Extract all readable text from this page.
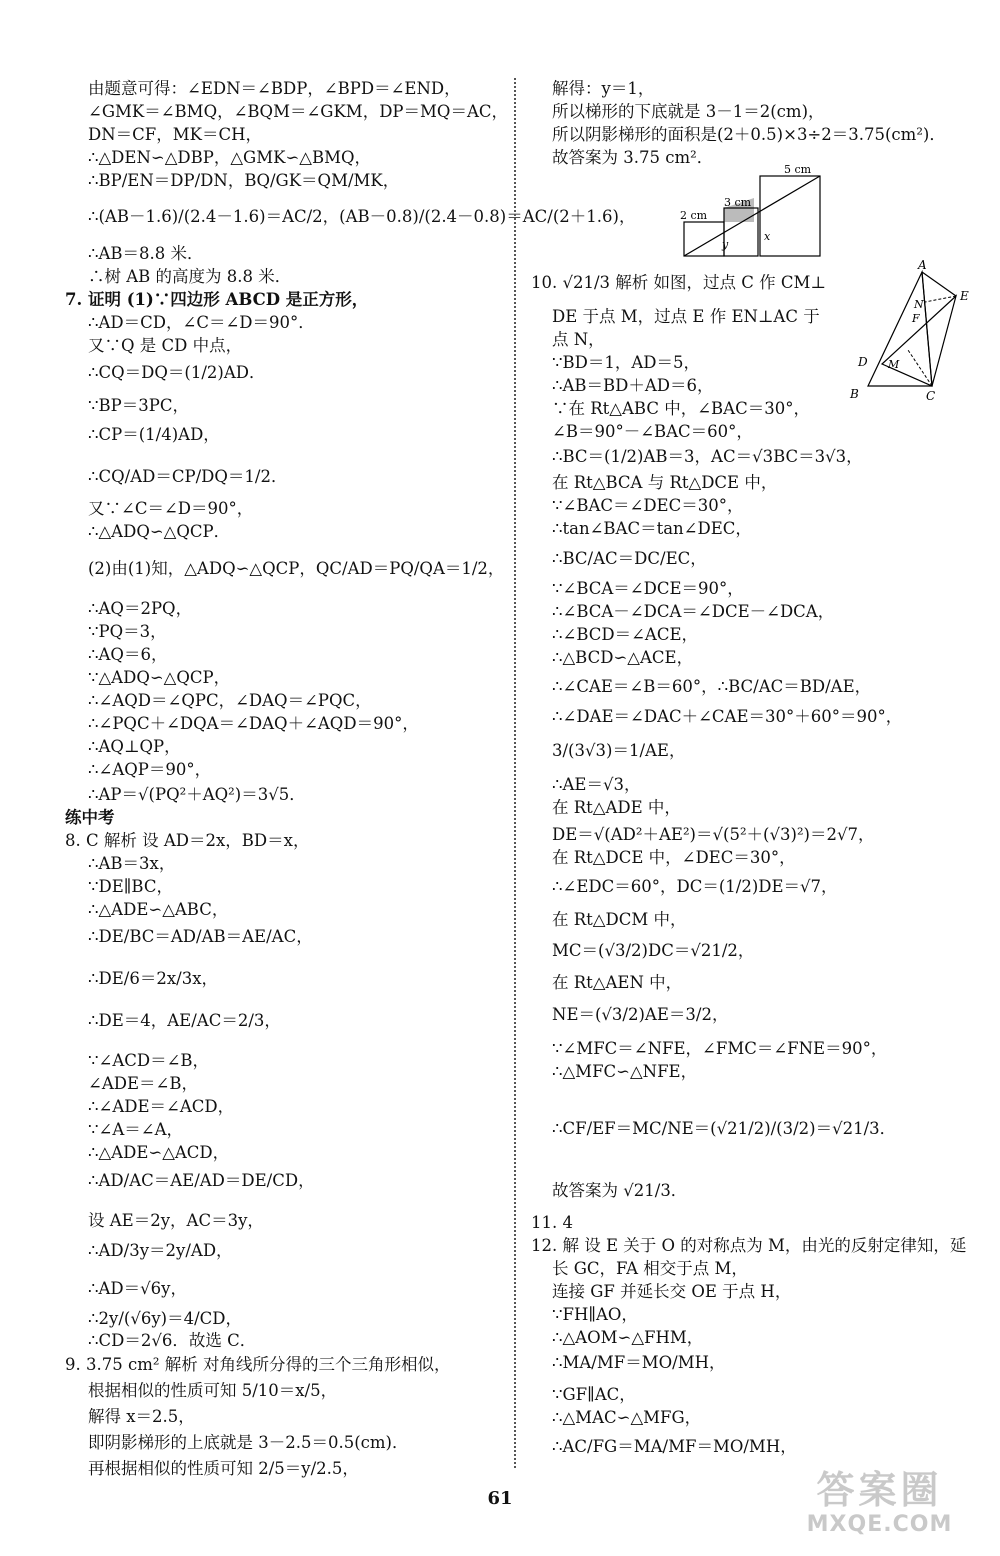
由题意可得：∠EDN＝∠BDP，∠BPD＝∠END，
∠GMK＝∠BMQ，∠BQM＝∠GKM，DP＝MQ＝AC，
DN＝CF，MK＝CH，
∴△DEN∽△DBP，△GMK∽△BMQ，
∴BP/EN＝DP/DN，BQ/GK＝QM/MK，
∴(AB－1.6)/(2.4－1.6)＝AC/2，(AB－0.8)/(2.4－0.8)＝AC/(2＋1.6)，
∴AB＝8.8 米．
∴树 AB 的高度为 8.8 米．
7. 证明 (1)∵四边形 ABCD 是正方形，
∴AD＝CD，∠C＝∠D＝90°．
又∵Q 是 CD 中点，
∴CQ＝DQ＝(1/2)AD．
∵BP＝3PC，
∴CP＝(1/4)AD，
∴CQ/AD＝CP/DQ＝1/2．
又∵∠C＝∠D＝90°，
∴△ADQ∽△QCP．
(2)由(1)知，△ADQ∽△QCP，QC/AD＝PQ/QA＝1/2，
∴AQ＝2PQ，
∵PQ＝3，
∴AQ＝6，
∵△ADQ∽△QCP，
∴∠AQD＝∠QPC，∠DAQ＝∠PQC，
∴∠PQC＋∠DQA＝∠DAQ＋∠AQD＝90°，
∴AQ⊥QP，
∴∠AQP＝90°，
∴AP＝√(PQ²＋AQ²)＝3√5．
练中考
8. C 解析 设 AD＝2x，BD＝x，
∴AB＝3x，
∵DE∥BC，
∴△ADE∽△ABC，
∴DE/BC＝AD/AB＝AE/AC，
∴DE/6＝2x/3x，
∴DE＝4，AE/AC＝2/3，
∵∠ACD＝∠B，
∠ADE＝∠B，
∴∠ADE＝∠ACD，
∵∠A＝∠A，
∴△ADE∽△ACD，
∴AD/AC＝AE/AD＝DE/CD，
设 AE＝2y，AC＝3y，
∴AD/3y＝2y/AD，
∴AD＝√6y，
∴2y/(√6y)＝4/CD，
∴CD＝2√6．故选 C．
9. 3.75 cm² 解析 对角线所分得的三个三角形相似，
根据相似的性质可知 5/10＝x/5，
解得 x＝2.5，
即阴影梯形的上底就是 3－2.5＝0.5(cm)．
再根据相似的性质可知 2/5＝y/2.5，
解得：y＝1，
所以梯形的下底就是 3－1＝2(cm)，
所以阴影梯形的面积是(2＋0.5)×3÷2＝3.75(cm²)．
故答案为 3.75 cm²．
5 cm
3 cm
2 cm
y
x
10. √21/3 解析 如图，过点 C 作 CM⊥
DE 于点 M，过点 E 作 EN⊥AC 于
点 N，
∵BD＝1，AD＝5，
∴AB＝BD＋AD＝6，
∵在 Rt△ABC 中，∠BAC＝30°，
∠B＝90°－∠BAC＝60°，
A
E
N
F
D M
B	C
∴BC＝(1/2)AB＝3，AC＝√3BC＝3√3，
在 Rt△BCA 与 Rt△DCE 中，
∵∠BAC＝∠DEC＝30°，
∴tan∠BAC＝tan∠DEC，
∴BC/AC＝DC/EC，
∵∠BCA＝∠DCE＝90°，
∴∠BCA－∠DCA＝∠DCE－∠DCA，
∴∠BCD＝∠ACE，
∴△BCD∽△ACE，
∴∠CAE＝∠B＝60°，∴BC/AC＝BD/AE，
∴∠DAE＝∠DAC＋∠CAE＝30°＋60°＝90°，
3/(3√3)＝1/AE，
∴AE＝√3，
在 Rt△ADE 中，
DE＝√(AD²＋AE²)＝√(5²＋(√3)²)＝2√7，
在 Rt△DCE 中，∠DEC＝30°，
∴∠EDC＝60°，DC＝(1/2)DE＝√7，
在 Rt△DCM 中，
MC＝(√3/2)DC＝√21/2，
在 Rt△AEN 中，
NE＝(√3/2)AE＝3/2，
∵∠MFC＝∠NFE，∠FMC＝∠FNE＝90°，
∴△MFC∽△NFE，
∴CF/EF＝MC/NE＝(√21/2)/(3/2)＝√21/3．
故答案为 √21/3．
11. 4
12. 解 设 E 关于 O 的对称点为 M，由光的反射定律知，延
长 GC，FA 相交于点 M，
连接 GF 并延长交 OE 于点 H，
∵FH∥AO，
∴△AOM∽△FHM，
∴MA/MF＝MO/MH，
∵GF∥AC，
∴△MAC∽△MFG，
∴AC/FG＝MA/MF＝MO/MH，
61	答案圈
MXQE.COM
